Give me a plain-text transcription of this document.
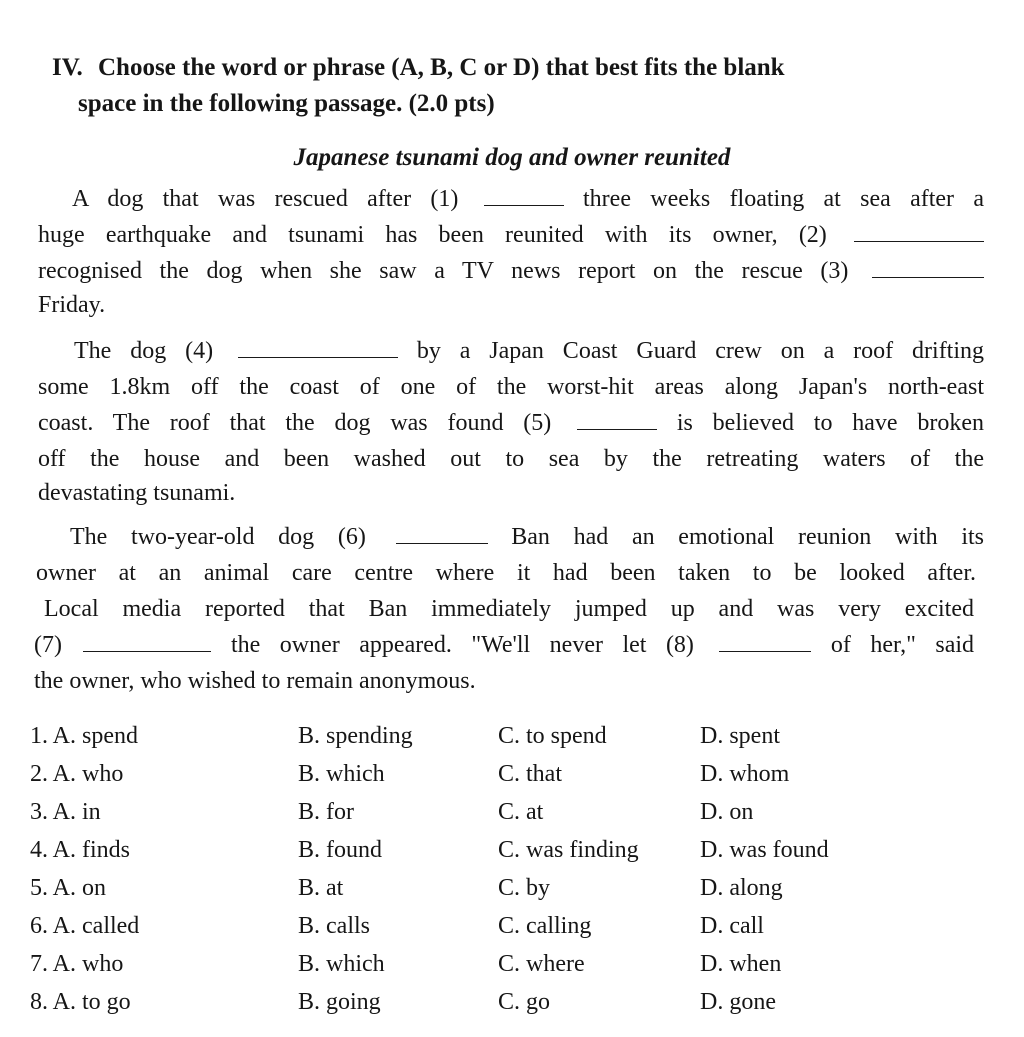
IV. Choose the word or phrase (A, B, C or D) that best fits the blank
space in the following passage. (2.0 pts)
Japanese tsunami dog and owner reunited
A dog that was rescued after (1)	three weeks floating at sea after a
huge earthquake and tsunami has been reunited with its owner, (2)
recognised the dog when she saw a TV news report on the rescue (3)
Friday.
The dog (4)	by a Japan Coast Guard crew on a roof drifting
some 1.8km off the coast of one of the worst-hit areas along Japan's north-east
coast. The roof that the dog was found (5)	is believed to have broken
off the house and been washed out to sea by the retreating waters of the
devastating tsunami.
The two-year-old dog (6)	Ban had an emotional reunion with its
owner at an animal care centre where it had been taken to be looked after.
Local media reported that Ban immediately jumped up and was very excited
(7)	the owner appeared. "We'll never let (8)	of her," said
the owner, who wished to remain anonymous.
1. A. spend	B. spending	C. to spend	D. spent
2. A. who	B. which	C. that	D. whom
3. A. in	B. for	C. at	D. on
4. A. finds	B. found	C. was finding	D. was found
5. A. on	B. at	C. by	D. along
6. A. called	B. calls	C. calling	D. call
7. A. who	B. which	C. where	D. when
8. A. to go	B. going	C. go	D. gone
